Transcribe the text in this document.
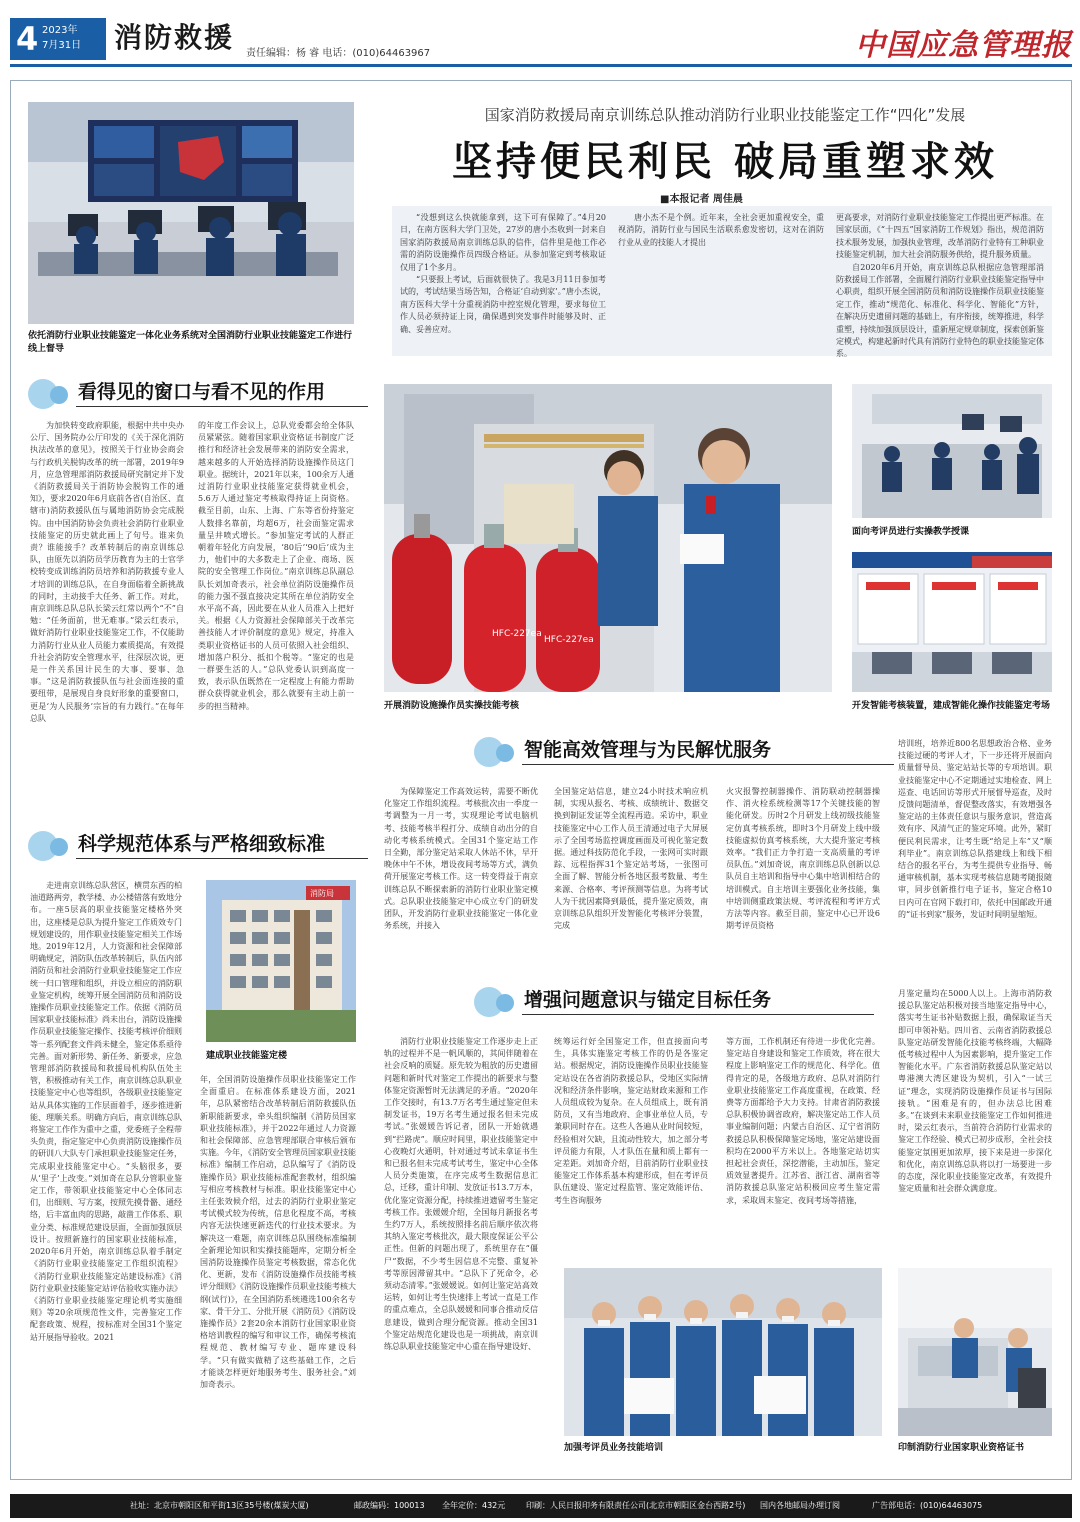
4 2023年
7月31日 消防救援 责任编辑：杨 睿 电话：(010)64463967	中国应急管理报
依托消防行业职业技能鉴定一体化业务系统对全国消防行业职业技能鉴定工作进行线上督导
国家消防救援局南京训练总队推动消防行业职业技能鉴定工作“四化”发展
坚持便民利民 破局重塑求效
■本报记者 周佳晨

“没想到这么快就能拿到，这下可有保障了。”4月20日，在南方医科大学门卫处，27岁的唐小杰收到一封来自国家消防救援局南京训练总队的信件，信件里是他工作必需的消防设施操作员四级合格证。从参加鉴定到考核取证仅用了1个多月。

“只要报上考试，后面就很快了。我是3月11日参加考试的，考试结果当场告知，合格证‘自动到家’。”唐小杰说，南方医科大学十分重视消防中控室规化管理，要求每位工作人员必须持证上岗，确保遇到突发事件时能够及时、正确、妥善应对。

唐小杰不是个例。近年来，全社会更加重视安全，重视消防，消防行业与国民生活联系愈发密切，这对在消防行业从业的技能人才提出

更高要求，对消防行业职业技能鉴定工作提出更严标准。在国家层面，《“十四五”国家消防工作规划》指出，规范消防技术服务发展，加强执业管理，改革消防行业特有工种职业技能鉴定机制，加大社会消防服务供给，提升服务质量。

自2020年6月开始，南京训练总队根据应急管理部消防救援局工作部署，全面履行消防行业职业技能鉴定指导中心职责，组织开展全国消防员和消防设施操作员职业技能鉴定工作，推动“规范化、标准化、科学化、智能化”方针，在解决历史遗留问题的基础上，有序衔接，统筹推进，科学重塑，持续加强顶层设计，重新厘定规章制度，探索创新鉴定模式，构建起新时代具有消防行业特色的职业技能鉴定体系。

看得见的窗口与看不见的作用

为加快转变政府职能，根据中共中央办公厅、国务院办公厅印发的《关于深化消防执法改革的意见》，按照关于行业协会商会与行政机关脱钩改革的统一部署，2019年9月，应急管理部消防救援局研究制定并下发《消防救援局关于消防协会脱钩工作的通知》，要求2020年6月底前各省(自治区、直辖市)消防救援队伍与属地消防协会完成脱钩。由中国消防协会负责社会消防行业职业技能鉴定的历史就此画上了句号。谁来负责？谁能接手？改革转制后的南京训练总队，由原先以消防员学历教育为主的士官学校转变成训练消防员培养和消防救援专业人才培训的训练总队，在自身面临着全新挑战的同时，主动接手大任务、新工作。对此，南京训练总队总队长梁云红常以两个“不”自勉：“任务面前，世无难事。”梁云红表示，做好消防行业职业技能鉴定工作，不仅能助力消防行业从业人员能力素质提高，有效提升社会消防安全管理水平，往深层次说，更是一件关系国计民生的大事、要事、急事。“这是消防救援队伍与社会面连接的重要纽带，是展现自身良好形象的重要窗口，更是‘为人民服务’宗旨的有力践行。”在每年总队

的年度工作会议上，总队党委都会给全体队员紧紧弦。随着国家职业资格证书制度广泛推行和经济社会发展带来的消防安全需求，越来越多的人开始选择消防设施操作员这门职业。据统计，2021年以来，100余万人通过消防行业职业技能鉴定获得就业机会，5.6万人通过鉴定考核取得持证上岗资格。截至目前，山东、上海、广东等省份持鉴定人数排名靠前，均超6万，社会面鉴定需求量呈井喷式增长。“参加鉴定考试的人群正朝着年轻化方向发展，‘80后’‘90后’成为主力，他们中的大多数走上了企业、商场、医院的安全管理工作岗位。”南京训练总队副总队长刘加奇表示，社会单位消防设施操作员的能力强不强直接决定其所在单位消防安全水平高不高，因此要在从业人员准入上把好关。根据《人力资源社会保障部关于改革完善技能人才评价制度的意见》规定，持准入类职业资格证书的人员可依照入社会组织、增加落户积分、抵扣个税等。“鉴定的也是一群要生活的人。”总队党委认识到高度一致，表示队伍既然在一定程度上有能力帮助群众获得就业机会，那么就要有主动上前一步的担当精神。

HFC-227ea
HFC-227ea
开展消防设施操作员实操技能考核
面向考评员进行实操教学授课
开发智能考核装置，建成智能化操作技能鉴定考场
科学规范体系与严格细致标准

走进南京训练总队营区，横贯东西的柏油道路两旁，教学楼、办公楼错落有致地分布。一座5层高的职业技能鉴定楼格外突出，这座楼是总队为提升鉴定工作质效专门规划建设的，用作职业技能鉴定相关工作场地。2019年12月，人力资源和社会保障部明确规定，消防队伍改革转制后，队伍内部消防员和社会消防行业职业技能鉴定工作应统一归口管理和组织，并设立相应的消防职业鉴定机构，统筹开展全国消防员和消防设施操作员职业技能鉴定工作。依据《消防员国家职业技能标准》尚未出台，消防设施操作员职业技能鉴定操作、技能考核评价细则等一系列配套文件尚未健全，鉴定体系亟待完善。面对新形势、新任务、新要求，应急管理部消防救援局和救援局机构队伍处主管，积极推动有关工作，南京训练总队职业技能鉴定中心也等组织，各级职业技能鉴定站从具体实施的工作层面着手，逐步推进新能、理顺关系。明确方向后，南京训练总队将鉴定工作作为重中之重，党委班子全程带头负责，指定鉴定中心负责消防设施操作员的研训八大队专门承担职业技能鉴定任务，完成职业技能鉴定中心。“头脑很多，要从‘里子’上改变。”刘加奇在总队分管职业鉴定工作，带领职业技能鉴定中心全体同志们，出细则、写方案，按照先摸骨骼、通经络，后丰富血肉的思路，敲凿工作体系、职业分类、标准规范建设层面，全面加强顶层设计。按照新施行的国家职业技能标准，2020年6月开始，南京训练总队着手制定《消防行业职业技能鉴定工作组织流程》《消防行业职业技能鉴定站建设标准》《消防行业职业技能鉴定站评估验收实施办法》《消防行业职业技能鉴定理论机考实施细则》等20余项规范性文件，完善鉴定工作配套政策、规程，按标准对全国31个鉴定站开展指导验收。2021

消防局
建成职业技能鉴定楼

年，全国消防设施操作员职业技能鉴定工作全面重启。在标准体系建设方面，2021年，总队紧密结合改革转制后消防救援队伍新职能新要求，牵头组织编制《消防员国家职业技能标准》，并于2022年通过人力资源和社会保障部、应急管理部联合审核后颁布实施。今年，《消防安全管理员国家职业技能标准》编制工作启动，总队编写了《消防设施操作员》职业技能标准配套教材，组织编写相应考核教材与标准。职业技能鉴定中心主任张效候介绍，过去的消防行业职业鉴定考试模式较为传统，信息化程度不高，考核内容无法快速更新迭代的行业技术要求。为解决这一难题，南京训练总队围绕标准编制全新理论知识和实操技能题库，定期分析全国消防设施操作员鉴定考核数据，常态化优化、更新，发布《消防设施操作员技能考核评分细则》《消防设施操作员职业技能考核大纲(试行)》，在全国消防系统遴选100余名专家、骨干分工、分批开展《消防员》《消防设施操作员》2套20余本消防行业国家职业资格培训教程的编写和审议工作，确保考核流程规范、教材编写专业、题库建设科学。“只有做实做精了这些基础工作，之后才能谈怎样更好地服务考生、服务社会。”刘加奇表示。

智能高效管理与为民解忧服务

为保障鉴定工作高效运转，需要不断优化鉴定工作组织流程。考核批次由一季度一考调整为一月一考，实现理论考试电脑机考、技能考核半程打分、成绩自动出分的自动化考核系统模式。全国31个鉴定站工作日全勤，部分鉴定站采取人休站不休，早开晚休中午不休，增设夜间考场等方式，满负荷开展鉴定考核工作。这一转变得益于南京训练总队不断探索新的消防行业职业鉴定模式。总队职业技能鉴定中心成立专门的研发团队，开发消防行业职业技能鉴定一体化业务系统，并接入

全国鉴定站信息，建立24小时技术响应机制，实现从报名、考核、成绩统计、数据交换到制证发证等全流程再造。采访中，职业技能鉴定中心工作人员王清通过电子大屏展示了全国考场监控调度画面及可视化鉴定数据。通过科技防范化手段，一张网可实时跟踪、远程指挥31个鉴定站考场，一张图可全面了解、智能分析各地区报考数量、考生来源、合格率、考评预测等信息。为将考试人为干扰因素降到最低，提升鉴定质效，南京训练总队组织开发智能化考核评分装置，完成

火灾报警控制器操作、消防联动控制器操作、消火栓系统检测等17个关键技能的智能化研发。历时2个月研发上线初级技能鉴定仿真考核系统，即时3个月研发上线中级技能虚拟仿真考核系统，大大提升鉴定考核效率。“我们正力争打造一支高质量的考评员队伍。”刘加奇说，南京训练总队创新以总队员自主培训和指导中心集中培训相结合的培训模式。自主培训主要强化业务技能，集中培训侧重政策法规、考评流程和考评方式方法等内容。截至目前，鉴定中心已开设6期考评员资格

培训班，培养近800名思想政治合格、业务技能过硬的考评人才，下一步还将开展面向质量督导员、鉴定站站长等的专项培训。职业技能鉴定中心不定期通过实地检查、网上巡查、电话回访等形式开展督导巡查，及时反馈问题清单，督促整改落实，有效增强各鉴定站的主体责任意识与服务意识，营造高效有序、风清气正的鉴定环境。此外，紧盯便民利民需求，让考生既“给足上车”又“顺利毕业”。南京训练总队搭建线上和线下相结合的报名平台，为考生提供专业指导、畅通审核机制，基本实现考核信息随考随报随审，同步创新推行电子证书，鉴定合格10日内可在官网下载打印，依托中国邮政开通的“证书到家”服务，发证时间明显缩短。

增强问题意识与锚定目标任务

消防行业职业技能鉴定工作逐步走上正轨的过程并不是一帆风顺的，其间伴随着在社会反响的质疑。原先较为粗放的历史遗留问题和新时代对鉴定工作提出的新要求与整体鉴定资源暂时无法满足的矛盾。“2020年工作交接时，有13.7万名考生通过鉴定但未制发证书，19万名考生通过报名但未完成考试。”张媛媛告诉记者，团队一开始就遇到“拦路虎”。顺应时间里，职业技能鉴定中心夜晚灯火通明，针对通过考试未拿证书生和已报名但未完成考试考生，鉴定中心全体人员分类施策，在序完成考生数据信息汇总，迁移，重计印制、发放证书13.7万本，优化鉴定资源分配，持续推进遗留考生鉴定考核工作。张媛媛介绍，全国每月新报名考生约7万人，系统按照排名前后顺序依次将其纳入鉴定考核批次，最大限度保证公平公正性。但新的问题出现了，系统里存在“僵尸”数据，不少考生因信息不完整、重复补考等原因滞留其中。“总队下了死命令，必须动态清零。”张媛媛说。如何让鉴定站高效运转，如何让考生快速排上考试一直是工作的重点难点，全总队媛媛和同事合推动反信息建设，做到合理分配资源。推动全国31个鉴定站规范化建设也是一项挑战，南京训练总队职业技能鉴定中心重在指导建设好、

统筹运行好全国鉴定工作，但直接面向考生，具体实施鉴定考核工作的仍是各鉴定站。根据规定，消防设施操作员职业技能鉴定站设在各省消防救援总队，受地区实际情况和经济条件影响，鉴定站财政来源和工作人员组成较为复杂。在人员组成上，既有消防员，又有当地政府、企事业单位人员，专兼职同时存在。这些人各遍从业时间较短，经验相对欠缺，且流动性较大，加之部分考评员能力有限，人才队伍在量和质上都有一定差距。刘加奇介绍，目前消防行业职业技能鉴定工作体系基本构建形成，但在考评员队伍建设、鉴定过程监管、鉴定效能评估、考生咨询服务

等方面，工作机制还有待进一步优化完善。鉴定站自身建设和鉴定工作质效，将在很大程度上影响鉴定工作的规范化、科学化。值得肯定的是，各级地方政府、总队对消防行业职业技能鉴定工作高度重视，在政策、经费等方面都给予大力支持。甘肃省消防救援总队积极协调省政府，解决鉴定站工作人员事业编制问题；内蒙古自治区、辽宁省消防救援总队积极保障鉴定场地，鉴定站建设面积均在2000平方米以上。各地鉴定站切实担起社会责任，深挖潜能，主动加压，鉴定质效显著提升。江苏省、浙江省、湖南省等消防救援总队鉴定站积极回应考生鉴定需求，采取周末鉴定、夜间考场等措施，

月鉴定量均在5000人以上。上海市消防救援总队鉴定站积极对接当地鉴定指导中心，落实考生证书补贴数据上报，确保取证当天即可申领补贴。四川省、云南省消防救援总队鉴定站研发智能化技能考核终端，大幅降低考核过程中人为因素影响，提升鉴定工作智能化水平。广东省消防救援总队鉴定站以粤港澳大湾区建设为契机，引入“一试三证”理念，实现消防设施操作员证书与国际接轨。“困难是有的，但办法总比困难多。”在谈到未来职业技能鉴定工作如何推进时，梁云红表示，当前符合消防行业需求的鉴定工作经验、模式已初步成形，全社会技能鉴定氛围更加浓厚，接下来是进一步深化和优化，南京训练总队将以打一场要进一步的态度，深化职业技能鉴定改革，有效提升鉴定质量和社会群众满意度。

加强考评员业务技能培训	印制消防行业国家职业资格证书
社址：北京市朝阳区和平街13区35号楼(煤炭大厦)	邮政编码：100013 全年定价：432元	印刷：人民日报印务有限责任公司(北京市朝阳区金台西路2号) 国内各地邮局办理订阅	广告部电话：(010)64463075
